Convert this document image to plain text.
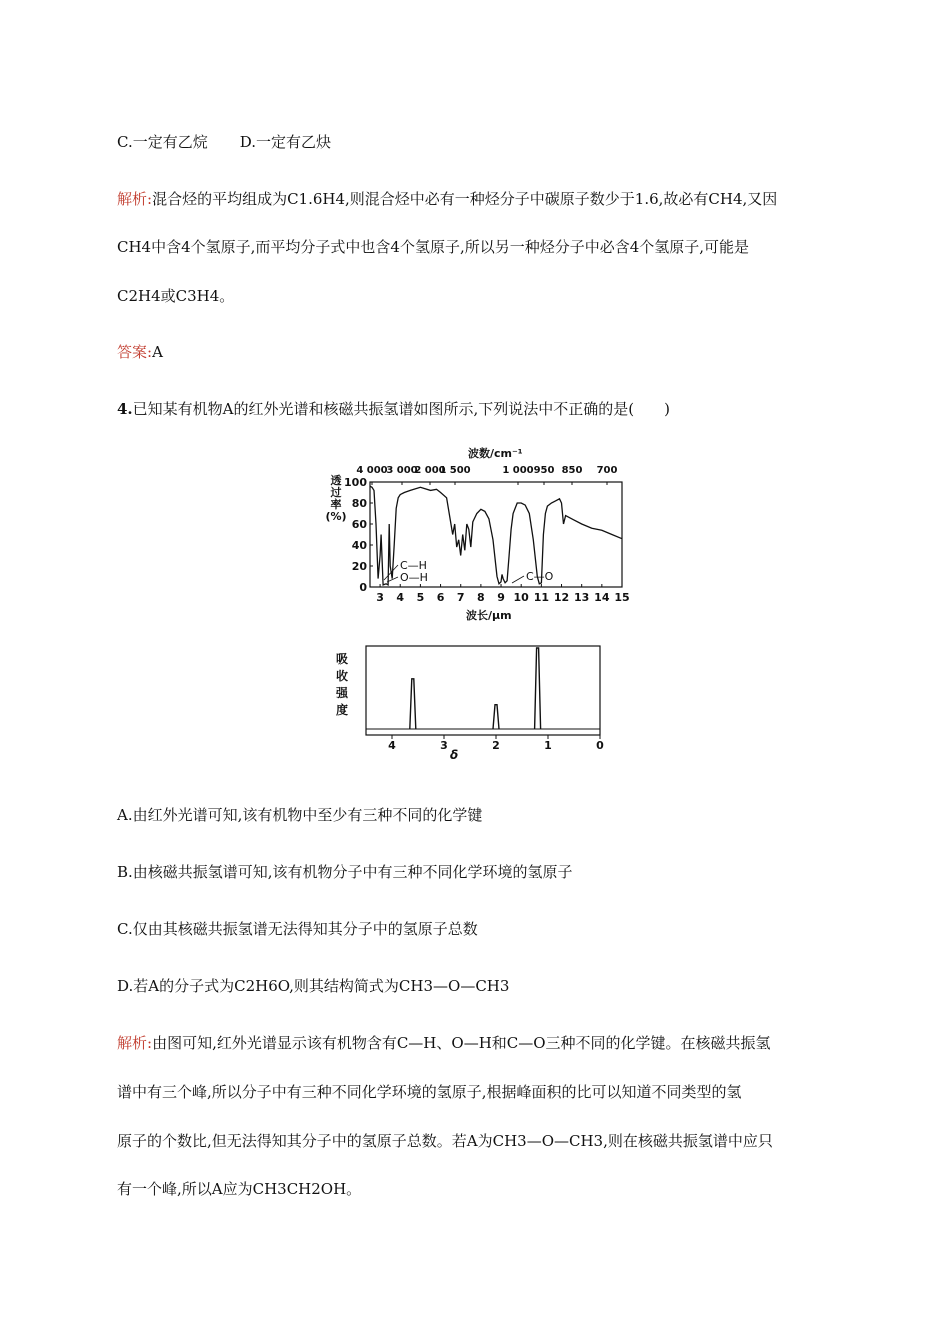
C.一定有乙烷 D.一定有乙炔
解析:混合烃的平均组成为C1.6H4,则混合烃中必有一种烃分子中碳原子数少于1.6,故必有CH4,又因
CH4中含4个氢原子,而平均分子式中也含4个氢原子,所以另一种烃分子中必含4个氢原子,可能是
C2H4或C3H4。
答案:A
4.已知某有机物A的红外光谱和核磁共振氢谱如图所示,下列说法中不正确的是(　　)
波数/cm⁻¹
4 000
3 000
2 000
1 500	1 000 950 850 700
透
过
率
(%)
0
20
40
60
80
100
3 4 5 6 7 8 9 10 11 12 13 14 15
C—H
O—H	C—O
波长/μm
吸
收
强
度
4	3	2	1	0
δ
A.由红外光谱可知,该有机物中至少有三种不同的化学键
B.由核磁共振氢谱可知,该有机物分子中有三种不同化学环境的氢原子
C.仅由其核磁共振氢谱无法得知其分子中的氢原子总数
D.若A的分子式为C2H6O,则其结构简式为CH3—O—CH3
解析:由图可知,红外光谱显示该有机物含有C—H、O—H和C—O三种不同的化学键。在核磁共振氢
谱中有三个峰,所以分子中有三种不同化学环境的氢原子,根据峰面积的比可以知道不同类型的氢
原子的个数比,但无法得知其分子中的氢原子总数。若A为CH3—O—CH3,则在核磁共振氢谱中应只
有一个峰,所以A应为CH3CH2OH。
